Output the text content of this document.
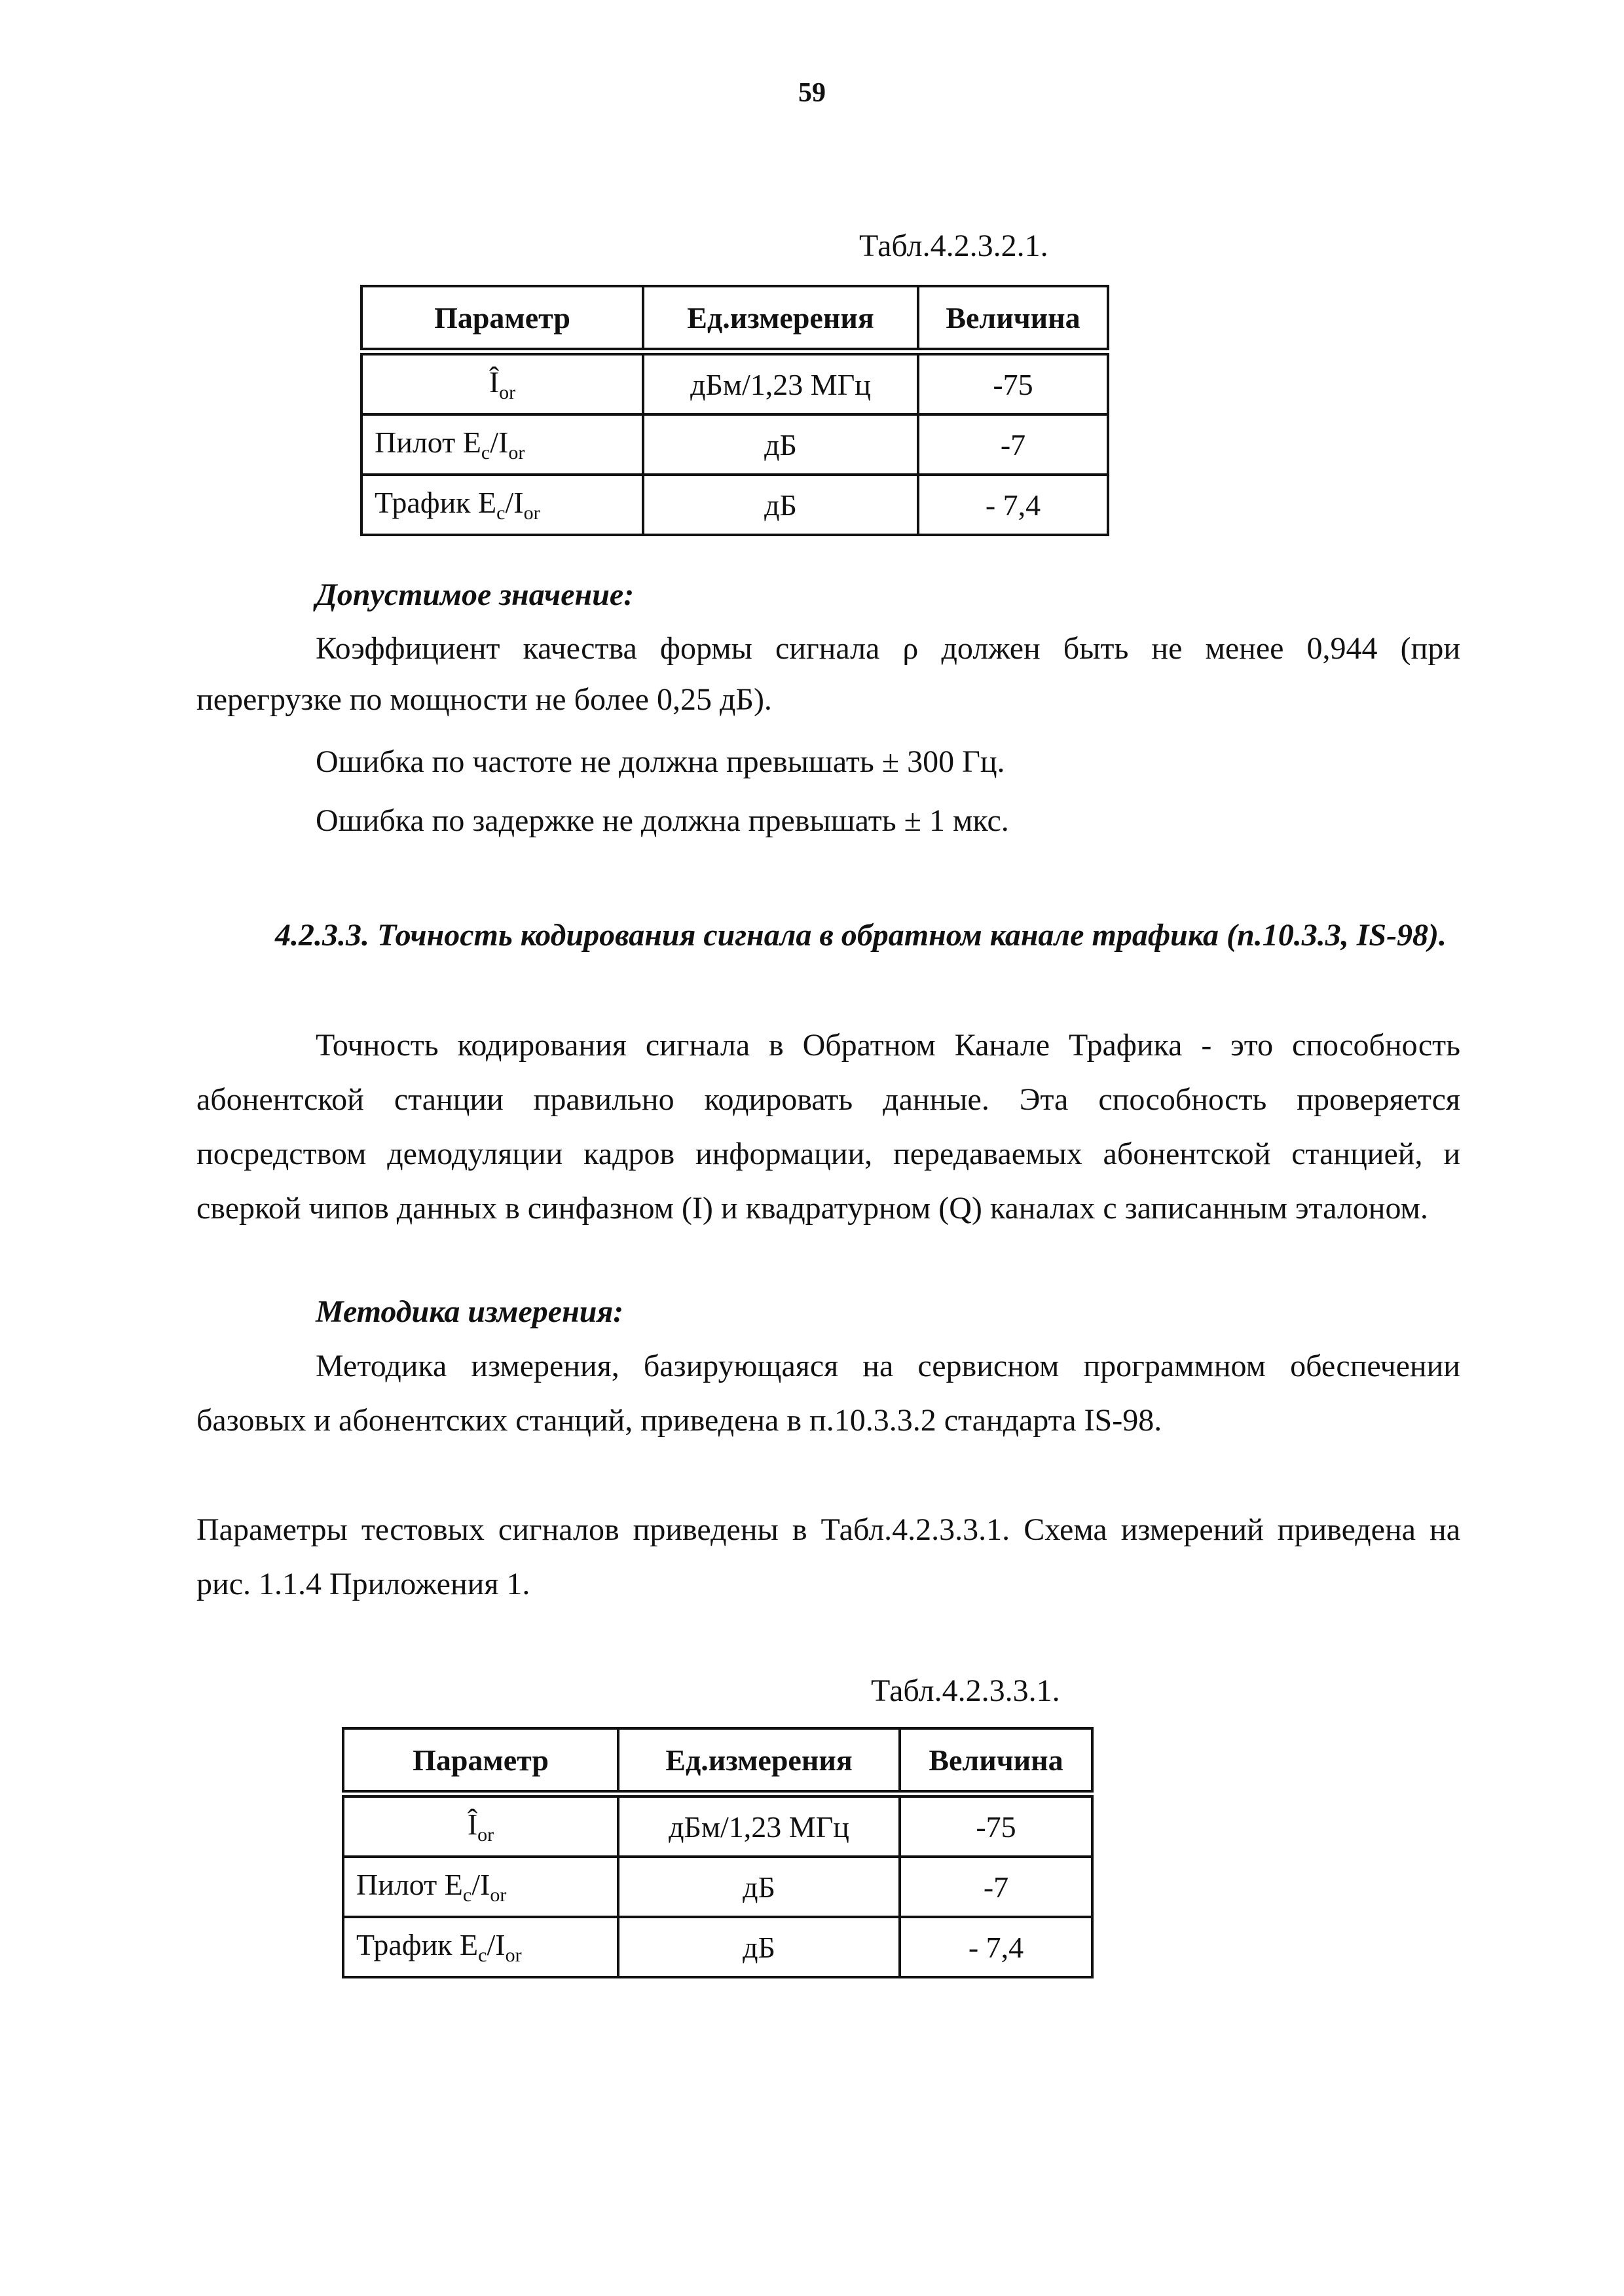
59
Табл.4.2.3.2.1.
Параметр	Ед.измерения	Величина
$Î_{or}$	дБм/1,23 МГц	-75
Пилот $E_c/I_{or}$	дБ	-7
Трафик $E_c/I_{or}$	дБ	- 7,4
Допустимое значение:
Коэффициент качества формы сигнала ρ должен быть не менее 0,944 (при перегрузке по мощности не более 0,25 дБ).
Ошибка по частоте не должна превышать ± 300 Гц.
Ошибка по задержке не должна превышать ± 1 мкс.
4.2.3.3. Точность кодирования сигнала в обратном канале трафика (п.10.3.3, IS-98).
Точность кодирования сигнала в Обратном Канале Трафика - это способность абонентской станции правильно кодировать данные. Эта способность проверяется посредством демодуляции кадров информации, передаваемых абонентской станцией, и сверкой чипов данных в синфазном (I) и квадратурном (Q) каналах с записанным эталоном.
Методика измерения:
Методика измерения, базирующаяся на сервисном программном обеспечении базовых и абонентских станций, приведена в п.10.3.3.2 стандарта IS-98.
Параметры тестовых сигналов приведены в Табл.4.2.3.3.1. Схема измерений приведена на рис. 1.1.4 Приложения 1.
Табл.4.2.3.3.1.
Параметр	Ед.измерения	Величина
$Î_{or}$	дБм/1,23 МГц	-75
Пилот $E_c/I_{or}$	дБ	-7
Трафик $E_c/I_{or}$	дБ	- 7,4
